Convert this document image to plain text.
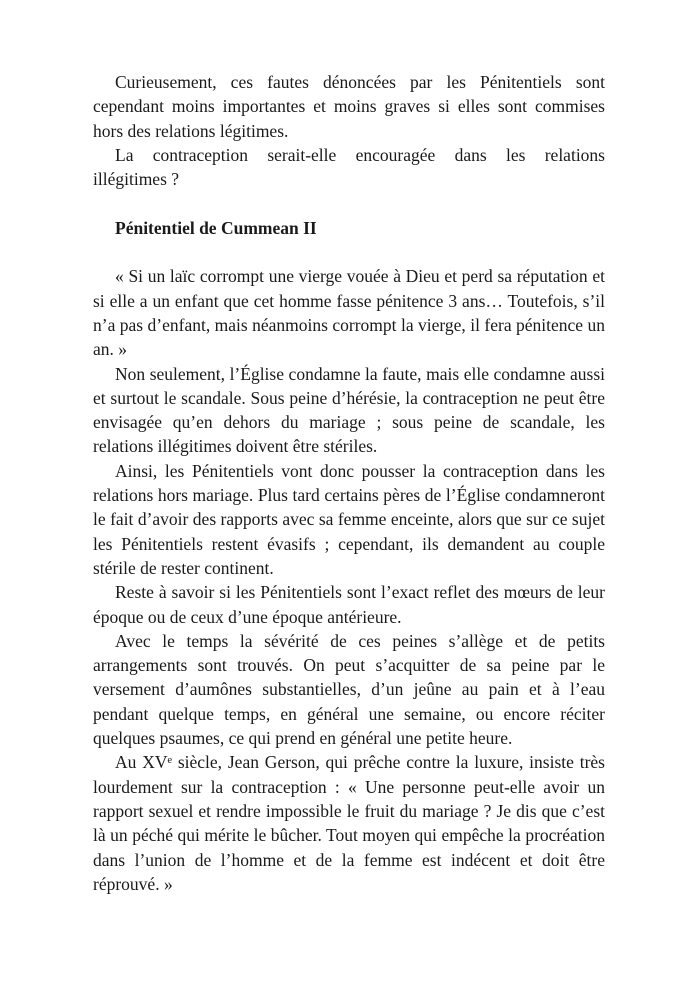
Curieusement, ces fautes dénoncées par les Pénitentiels sont cependant moins importantes et moins graves si elles sont commises hors des relations légitimes.

La contraception serait-elle encouragée dans les relations illégitimes ?

Pénitentiel de Cummean II

« Si un laïc corrompt une vierge vouée à Dieu et perd sa réputation et si elle a un enfant que cet homme fasse pénitence 3 ans… Toutefois, s’il n’a pas d’enfant, mais néanmoins corrompt la vierge, il fera pénitence un an. »

Non seulement, l’Église condamne la faute, mais elle condamne aussi et surtout le scandale. Sous peine d’hérésie, la contraception ne peut être envisagée qu’en dehors du mariage ; sous peine de scandale, les relations illégitimes doivent être stériles.

Ainsi, les Pénitentiels vont donc pousser la contraception dans les relations hors mariage. Plus tard certains pères de l’Église condamneront le fait d’avoir des rapports avec sa femme enceinte, alors que sur ce sujet les Pénitentiels restent évasifs ; cependant, ils demandent au couple stérile de rester continent.

Reste à savoir si les Pénitentiels sont l’exact reflet des mœurs de leur époque ou de ceux d’une époque antérieure.

Avec le temps la sévérité de ces peines s’allège et de petits arrangements sont trouvés. On peut s’acquitter de sa peine par le versement d’aumônes substantielles, d’un jeûne au pain et à l’eau pendant quelque temps, en général une semaine, ou encore réciter quelques psaumes, ce qui prend en général une petite heure.

Au XVᵉ siècle, Jean Gerson, qui prêche contre la luxure, insiste très lourdement sur la contraception : « Une personne peut-elle avoir un rapport sexuel et rendre impossible le fruit du mariage ? Je dis que c’est là un péché qui mérite le bûcher. Tout moyen qui empêche la procréation dans l’union de l’homme et de la femme est indécent et doit être réprouvé. »
